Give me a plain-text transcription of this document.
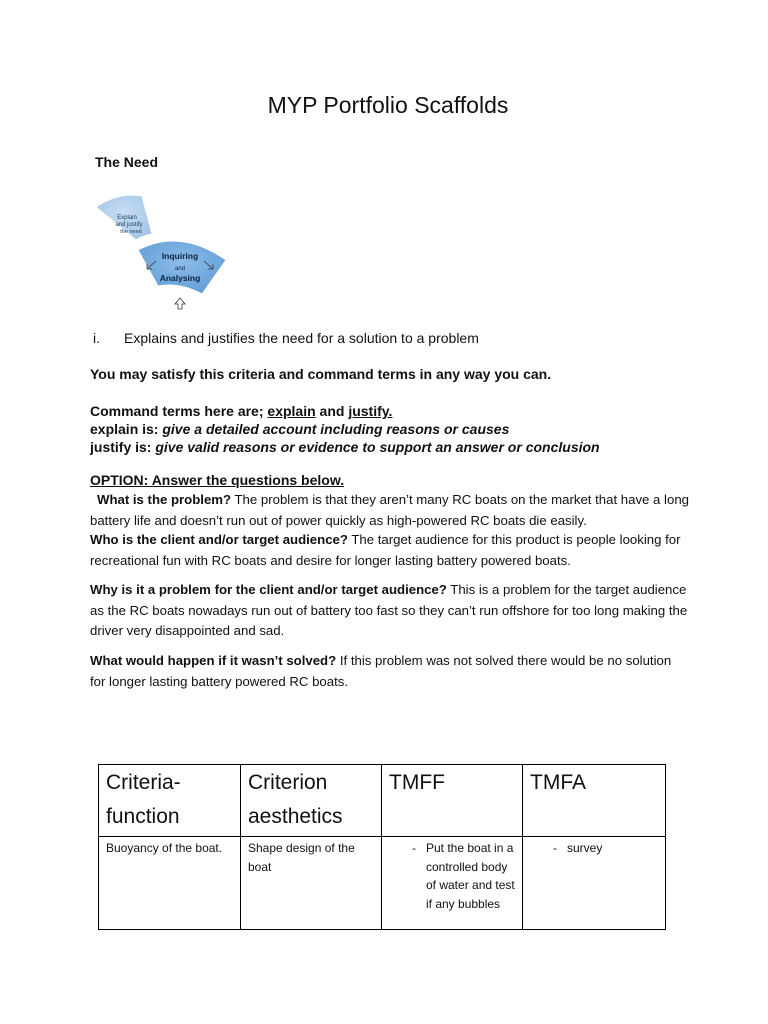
MYP Portfolio Scaffolds
The Need
Explain
and justify
the need
Inquiring
and
Analysing
i. Explains and justifies the need for a solution to a problem
You may satisfy this criteria and command terms in any way you can.
Command terms here are; explain and justify.
explain is: give a detailed account including reasons or causes
justify is: give valid reasons or evidence to support an answer or conclusion
OPTION: Answer the questions below.
What is the problem? The problem is that they aren’t many RC boats on the market that have a long battery life and doesn’t run out of power quickly as high-powered RC boats die easily.
Who is the client and/or target audience? The target audience for this product is people looking for recreational fun with RC boats and desire for longer lasting battery powered boats.
Why is it a problem for the client and/or target audience? This is a problem for the target audience as the RC boats nowadays run out of battery too fast so they can’t run offshore for too long making the driver very disappointed and sad.
What would happen if it wasn’t solved? If this problem was not solved there would be no solution for longer lasting battery powered RC boats.
Criteria-function	Criterion aesthetics	TMFF	TMFA
Buoyancy of the boat.	Shape design of the boat	- Put the boat in a controlled body of water and test if any bubbles	- survey
